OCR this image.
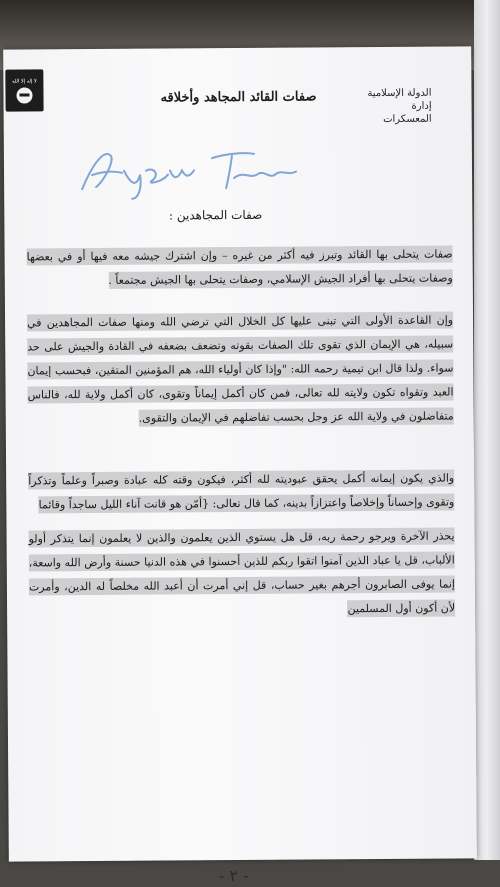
لا إله إلا الله
الدولة الإسلامية
إدارة المعسكرات
صفات القائد المجاهد وأخلاقه
صفات المجاهدين :
صفات يتحلى بها القائد وتبرز فيه أكثر من غيره – وإن اشترك جيشه معه فيها أو في بعضها وصفات يتحلى بها أفراد الجيش الإسلامي، وصفات يتحلى بها الجيش مجتمعاً .
وإن القاعدة الأولى التي تبنى عليها كل الخلال التي ترضي الله ومنها صفات المجاهدين في سبيله، هي الإيمان الذي تقوى تلك الصفات بقوته وتضعف بضعفه في القادة والجيش على حد سواء. ولذا قال ابن تيمية رحمه الله: "وإذا كان أولياء الله، هم المؤمنين المتقين، فبحسب إيمان العبد وتقواه تكون ولايته لله تعالى، فمن كان أكمل إيماناً وتقوى، كان أكمل ولاية لله، فالناس متفاضلون في ولاية الله عز وجل بحسب تفاضلهم في الإيمان والتقوى.
والذي يكون إيمانه أكمل يحقق عبوديته لله أكثر، فيكون وقته كله عبادة وصبراً وعلماً وتذكراً وتقوى وإحساناً وإخلاصاً واعتزازاً بدينه، كما قال تعالى: {أمّن هو قانت آناء الليل ساجداً وقائما
يحذر الآخرة ويرجو رحمة ربه، قل هل يستوي الذين يعلمون والذين لا يعلمون إنما يتذكر أولو الألباب، قل يا عباد الذين آمنوا اتقوا ربكم للذين أحسنوا في هذه الدنيا حسنة وأرض الله واسعة، إنما يوفى الصابرون أجرهم بغير حساب، قل إني أمرت أن أعبد الله مخلصاً له الدين، وأمرت لأن أكون أول المسلمين
- ٢ -
